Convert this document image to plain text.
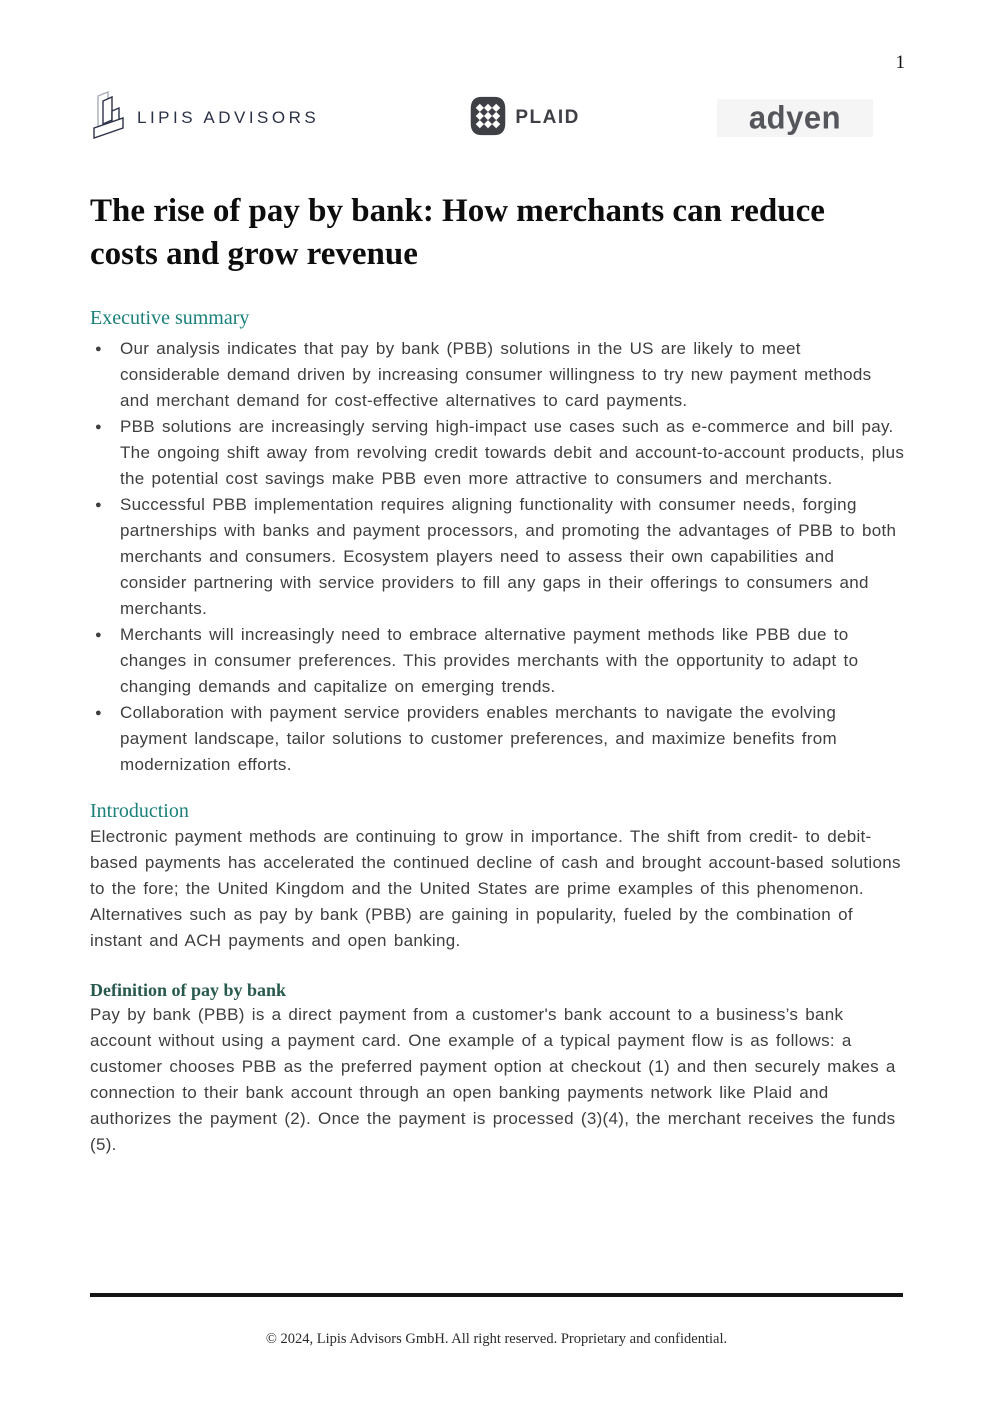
1
LIPIS ADVISORS	PLAID	adyen
The rise of pay by bank: How merchants can reduce costs and grow revenue
Executive summary
● Our analysis indicates that pay by bank (PBB) solutions in the US are likely to meet considerable demand driven by increasing consumer willingness to try new payment methods and merchant demand for cost-effective alternatives to card payments.
● PBB solutions are increasingly serving high-impact use cases such as e-commerce and bill pay. The ongoing shift away from revolving credit towards debit and account-to-account products, plus the potential cost savings make PBB even more attractive to consumers and merchants.
● Successful PBB implementation requires aligning functionality with consumer needs, forging partnerships with banks and payment processors, and promoting the advantages of PBB to both merchants and consumers. Ecosystem players need to assess their own capabilities and consider partnering with service providers to fill any gaps in their offerings to consumers and merchants.
● Merchants will increasingly need to embrace alternative payment methods like PBB due to changes in consumer preferences. This provides merchants with the opportunity to adapt to changing demands and capitalize on emerging trends.
● Collaboration with payment service providers enables merchants to navigate the evolving payment landscape, tailor solutions to customer preferences, and maximize benefits from modernization efforts.
Introduction

Electronic payment methods are continuing to grow in importance. The shift from credit- to debit-based payments has accelerated the continued decline of cash and brought account-based solutions to the fore; the United Kingdom and the United States are prime examples of this phenomenon. Alternatives such as pay by bank (PBB) are gaining in popularity, fueled by the combination of instant and ACH payments and open banking.

Definition of pay by bank

Pay by bank (PBB) is a direct payment from a customer's bank account to a business’s bank account without using a payment card. One example of a typical payment flow is as follows: a customer chooses PBB as the preferred payment option at checkout (1) and then securely makes a connection to their bank account through an open banking payments network like Plaid and authorizes the payment (2). Once the payment is processed (3)(4), the merchant receives the funds (5).

© 2024, Lipis Advisors GmbH. All right reserved. Proprietary and confidential.
